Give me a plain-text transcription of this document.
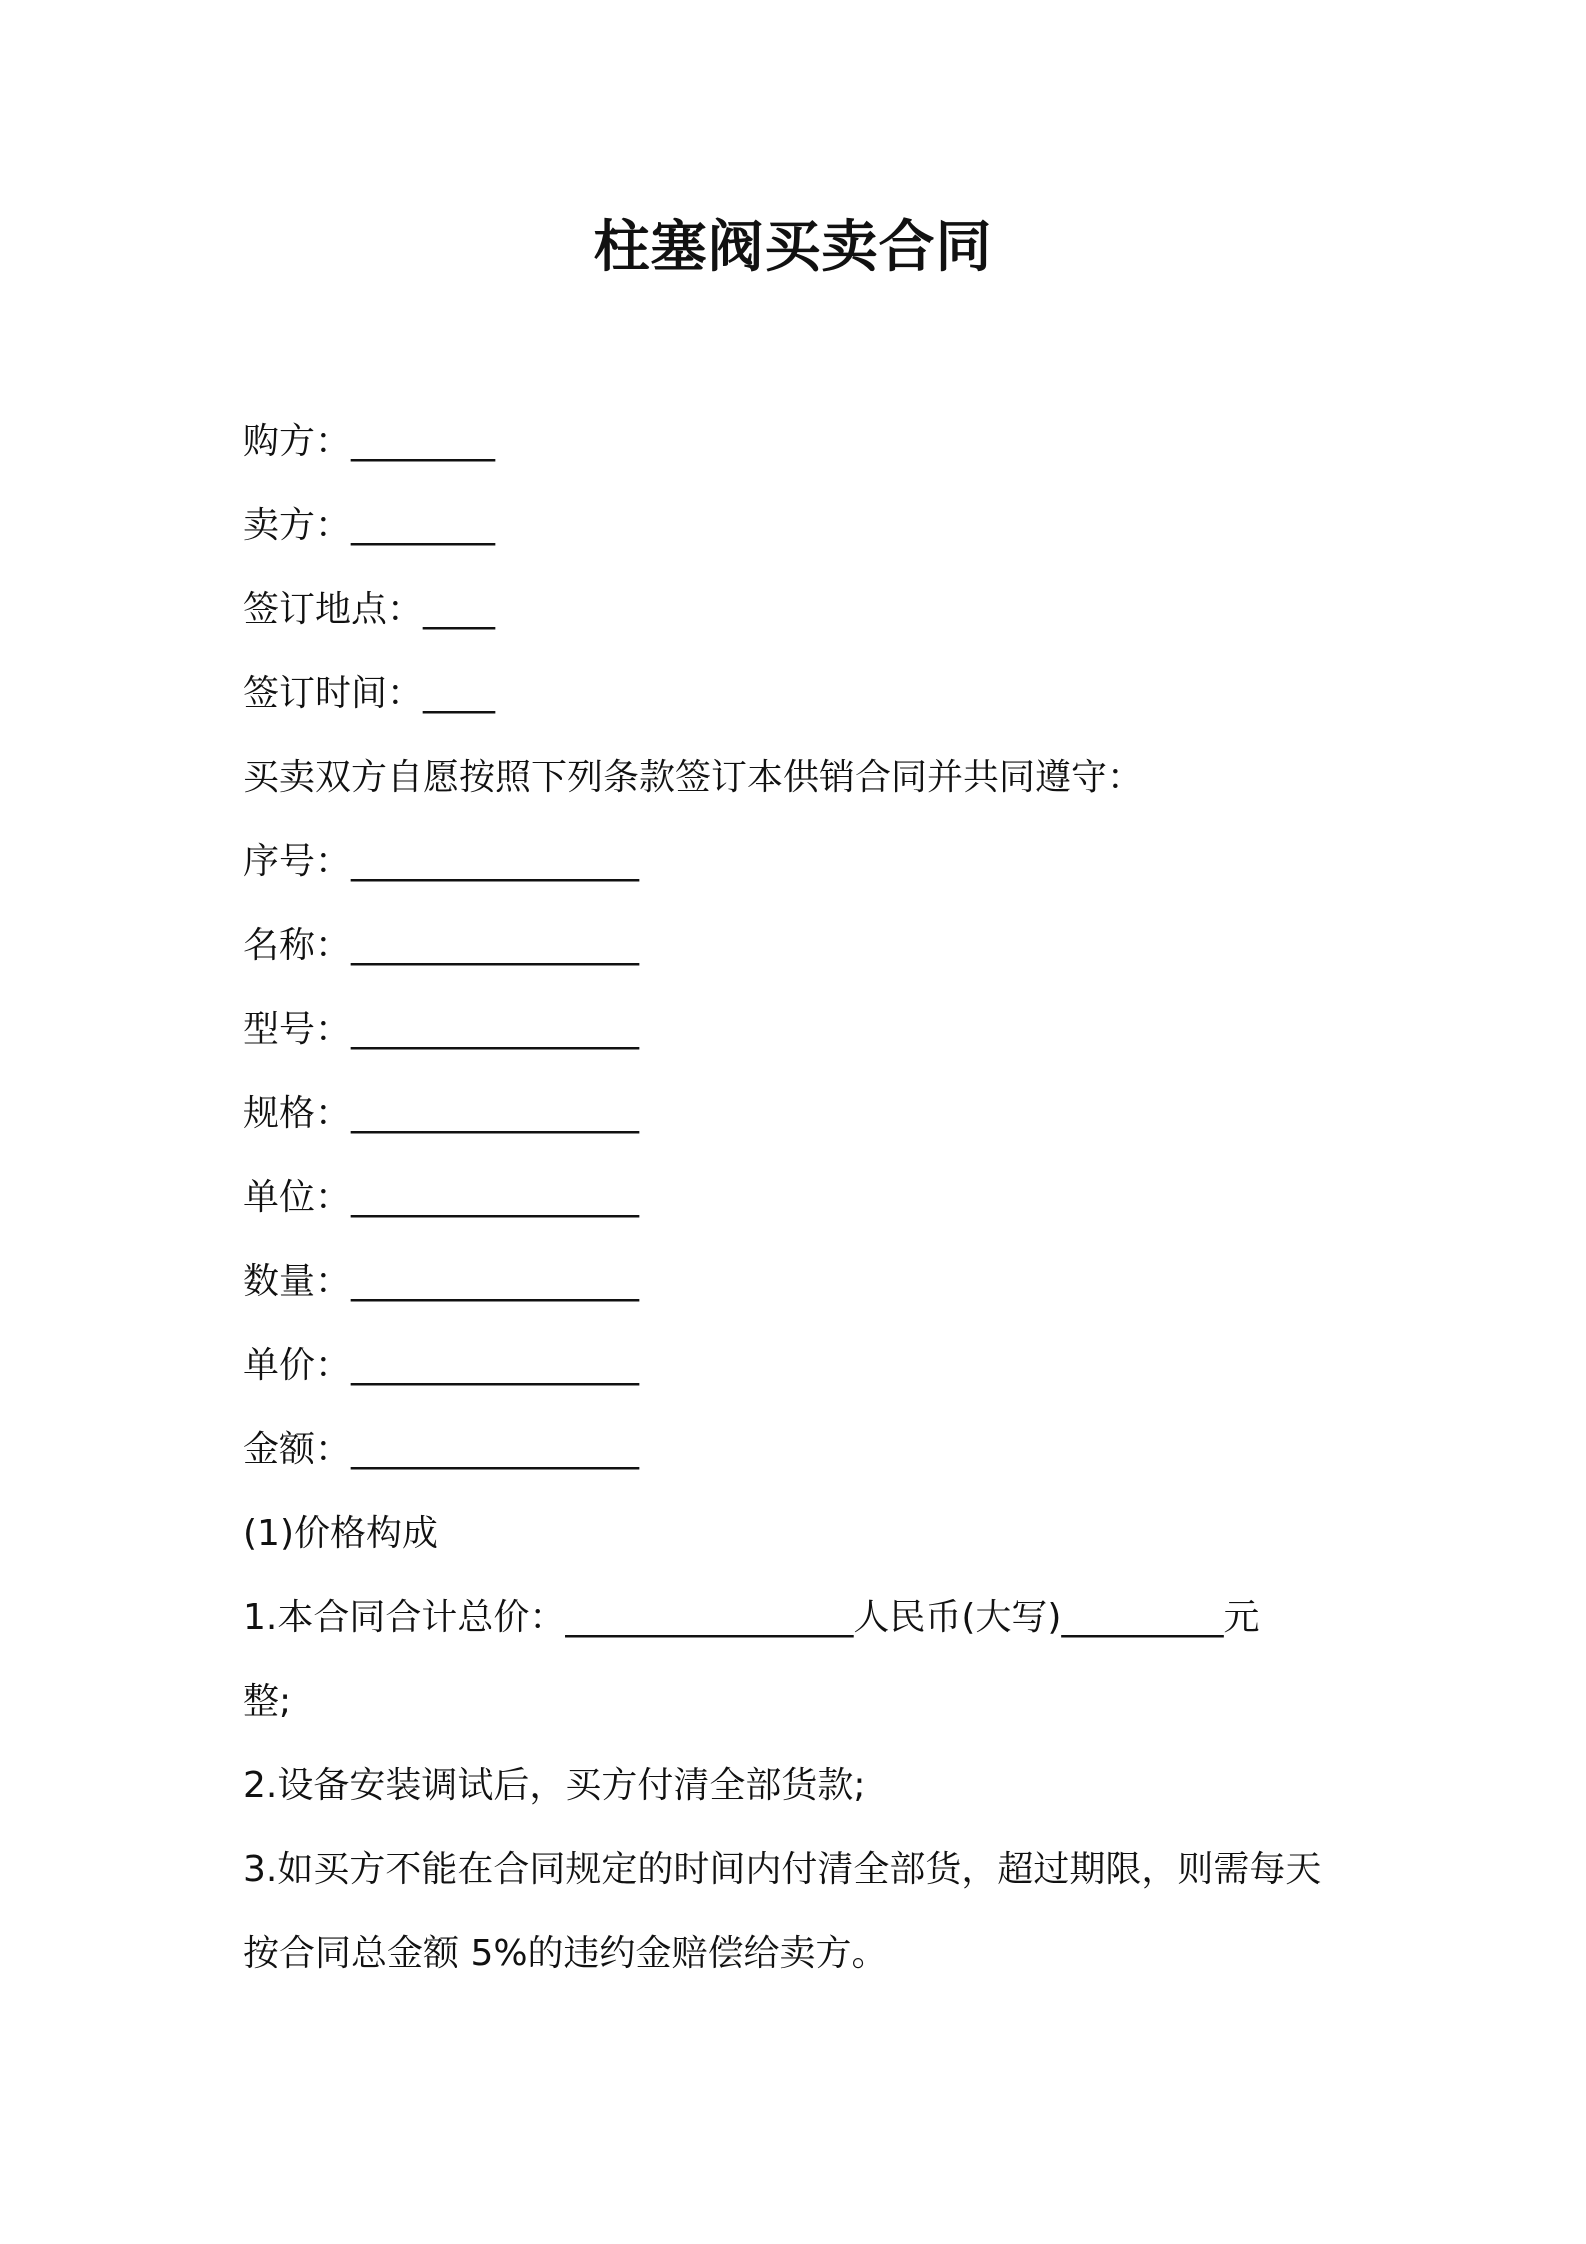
柱塞阀买卖合同
购方：________
卖方：________
签订地点：____
签订时间：____
买卖双方自愿按照下列条款签订本供销合同并共同遵守：
序号：________________
名称：________________
型号：________________
规格：________________
单位：________________
数量：________________
单价：________________
金额：________________
(1)价格构成
1.本合同合计总价：________________人民币(大写)_________元
整;
2.设备安装调试后，买方付清全部货款;
3.如买方不能在合同规定的时间内付清全部货，超过期限，则需每天
按合同总金额 5%的违约金赔偿给卖方。
